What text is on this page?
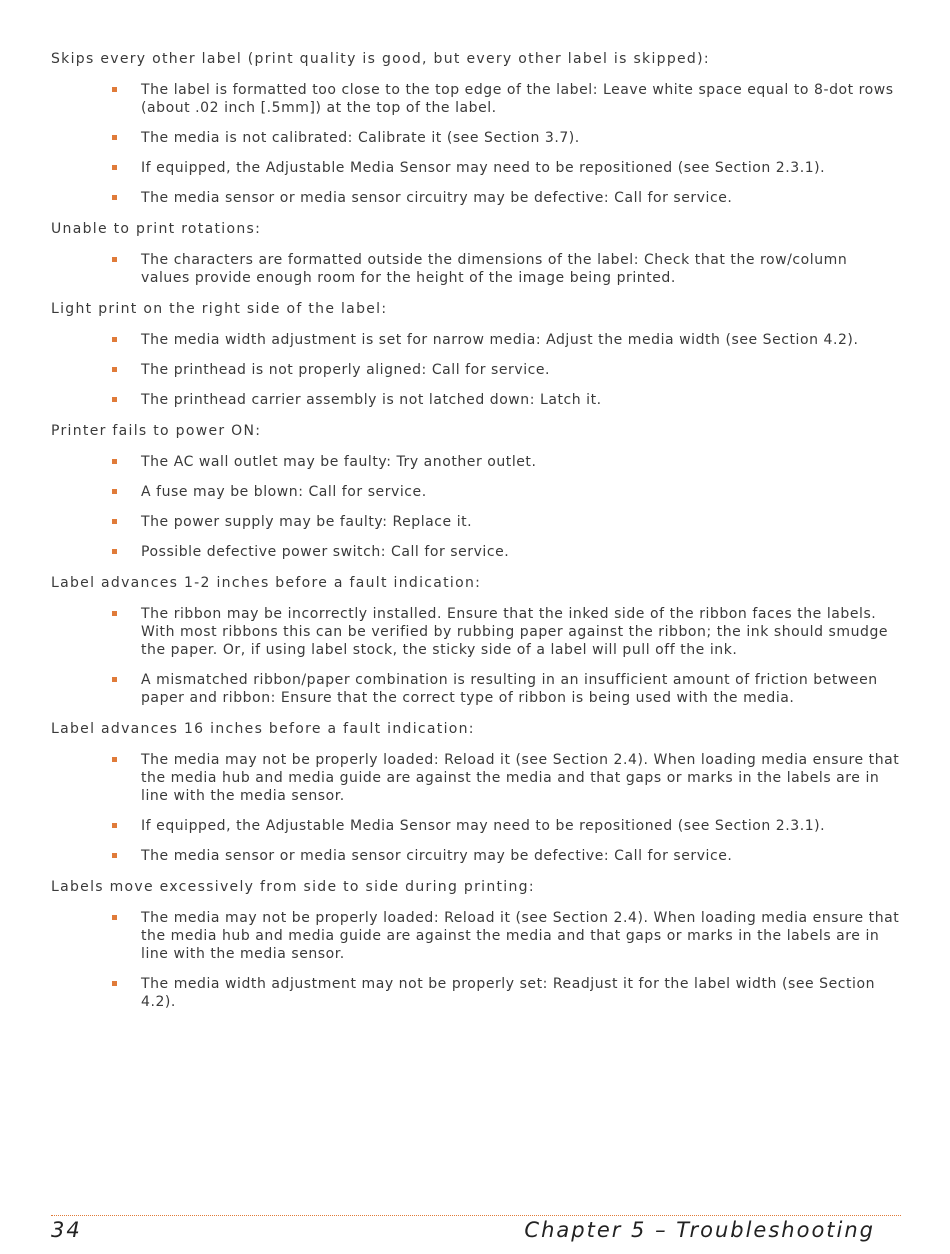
Skips every other label (print quality is good, but every other label is skipped):
The label is formatted too close to the top edge of the label: Leave white space equal to 8-dot rows (about .02 inch [.5mm]) at the top of the label.
The media is not calibrated: Calibrate it (see Section 3.7).
If equipped, the Adjustable Media Sensor may need to be repositioned (see Section 2.3.1).
The media sensor or media sensor circuitry may be defective: Call for service.
Unable to print rotations:
The characters are formatted outside the dimensions of the label: Check that the row/column values provide enough room for the height of the image being printed.
Light print on the right side of the label:
The media width adjustment is set for narrow media: Adjust the media width (see Section 4.2).
The printhead is not properly aligned: Call for service.
The printhead carrier assembly is not latched down: Latch it.
Printer fails to power ON:
The AC wall outlet may be faulty: Try another outlet.
A fuse may be blown: Call for service.
The power supply may be faulty: Replace it.
Possible defective power switch: Call for service.
Label advances 1-2 inches before a fault indication:
The ribbon may be incorrectly installed. Ensure that the inked side of the ribbon faces the labels. With most ribbons this can be verified by rubbing paper against the ribbon; the ink should smudge the paper. Or, if using label stock, the sticky side of a label will pull off the ink.
A mismatched ribbon/paper combination is resulting in an insufficient amount of friction between paper and ribbon: Ensure that the correct type of ribbon is being used with the media.
Label advances 16 inches before a fault indication:
The media may not be properly loaded: Reload it (see Section 2.4). When loading media ensure that the media hub and media guide are against the media and that gaps or marks in the labels are in line with the media sensor.
If equipped, the Adjustable Media Sensor may need to be repositioned (see Section 2.3.1).
The media sensor or media sensor circuitry may be defective: Call for service.
Labels move excessively from side to side during printing:
The media may not be properly loaded: Reload it (see Section 2.4). When loading media ensure that the media hub and media guide are against the media and that gaps or marks in the labels are in line with the media sensor.
The media width adjustment may not be properly set: Readjust it for the label width (see Section 4.2).
34	Chapter 5 – Troubleshooting
